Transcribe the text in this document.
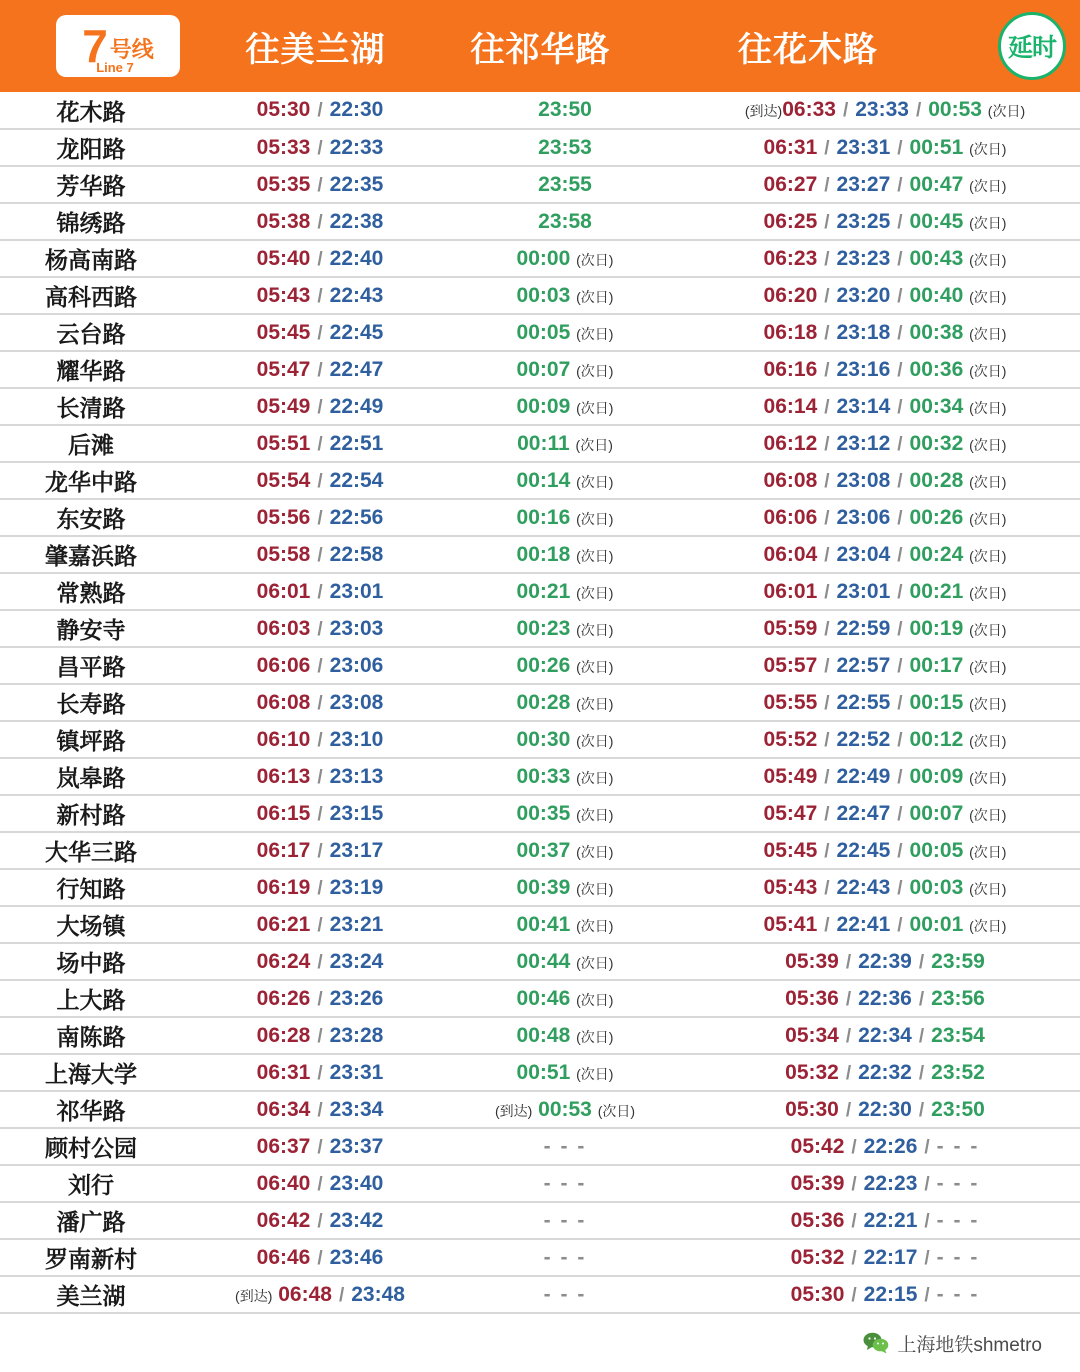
7 号线
Line 7	往美兰湖	往祁华路	往花木路	延时
花木路	05:30 / 22:30	23:50	(到达)06:33 / 23:33 / 00:53 (次日)
龙阳路	05:33 / 22:33	23:53	06:31 / 23:31 / 00:51 (次日)
芳华路	05:35 / 22:35	23:55	06:27 / 23:27 / 00:47 (次日)
锦绣路	05:38 / 22:38	23:58	06:25 / 23:25 / 00:45 (次日)
杨高南路	05:40 / 22:40	00:00 (次日)	06:23 / 23:23 / 00:43 (次日)
高科西路	05:43 / 22:43	00:03 (次日)	06:20 / 23:20 / 00:40 (次日)
云台路	05:45 / 22:45	00:05 (次日)	06:18 / 23:18 / 00:38 (次日)
耀华路	05:47 / 22:47	00:07 (次日)	06:16 / 23:16 / 00:36 (次日)
长清路	05:49 / 22:49	00:09 (次日)	06:14 / 23:14 / 00:34 (次日)
后滩	05:51 / 22:51	00:11 (次日)	06:12 / 23:12 / 00:32 (次日)
龙华中路	05:54 / 22:54	00:14 (次日)	06:08 / 23:08 / 00:28 (次日)
东安路	05:56 / 22:56	00:16 (次日)	06:06 / 23:06 / 00:26 (次日)
肇嘉浜路	05:58 / 22:58	00:18 (次日)	06:04 / 23:04 / 00:24 (次日)
常熟路	06:01 / 23:01	00:21 (次日)	06:01 / 23:01 / 00:21 (次日)
静安寺	06:03 / 23:03	00:23 (次日)	05:59 / 22:59 / 00:19 (次日)
昌平路	06:06 / 23:06	00:26 (次日)	05:57 / 22:57 / 00:17 (次日)
长寿路	06:08 / 23:08	00:28 (次日)	05:55 / 22:55 / 00:15 (次日)
镇坪路	06:10 / 23:10	00:30 (次日)	05:52 / 22:52 / 00:12 (次日)
岚皋路	06:13 / 23:13	00:33 (次日)	05:49 / 22:49 / 00:09 (次日)
新村路	06:15 / 23:15	00:35 (次日)	05:47 / 22:47 / 00:07 (次日)
大华三路	06:17 / 23:17	00:37 (次日)	05:45 / 22:45 / 00:05 (次日)
行知路	06:19 / 23:19	00:39 (次日)	05:43 / 22:43 / 00:03 (次日)
大场镇	06:21 / 23:21	00:41 (次日)	05:41 / 22:41 / 00:01 (次日)
场中路	06:24 / 23:24	00:44 (次日)	05:39 / 22:39 / 23:59
上大路	06:26 / 23:26	00:46 (次日)	05:36 / 22:36 / 23:56
南陈路	06:28 / 23:28	00:48 (次日)	05:34 / 22:34 / 23:54
上海大学	06:31 / 23:31	00:51 (次日)	05:32 / 22:32 / 23:52
祁华路	06:34 / 23:34	(到达) 00:53 (次日)	05:30 / 22:30 / 23:50
顾村公园	06:37 / 23:37	- - -	05:42 / 22:26 / - - -
刘行	06:40 / 23:40	- - -	05:39 / 22:23 / - - -
潘广路	06:42 / 23:42	- - -	05:36 / 22:21 / - - -
罗南新村	06:46 / 23:46	- - -	05:32 / 22:17 / - - -
美兰湖	(到达) 06:48 / 23:48	- - -	05:30 / 22:15 / - - -
上海地铁shmetro
